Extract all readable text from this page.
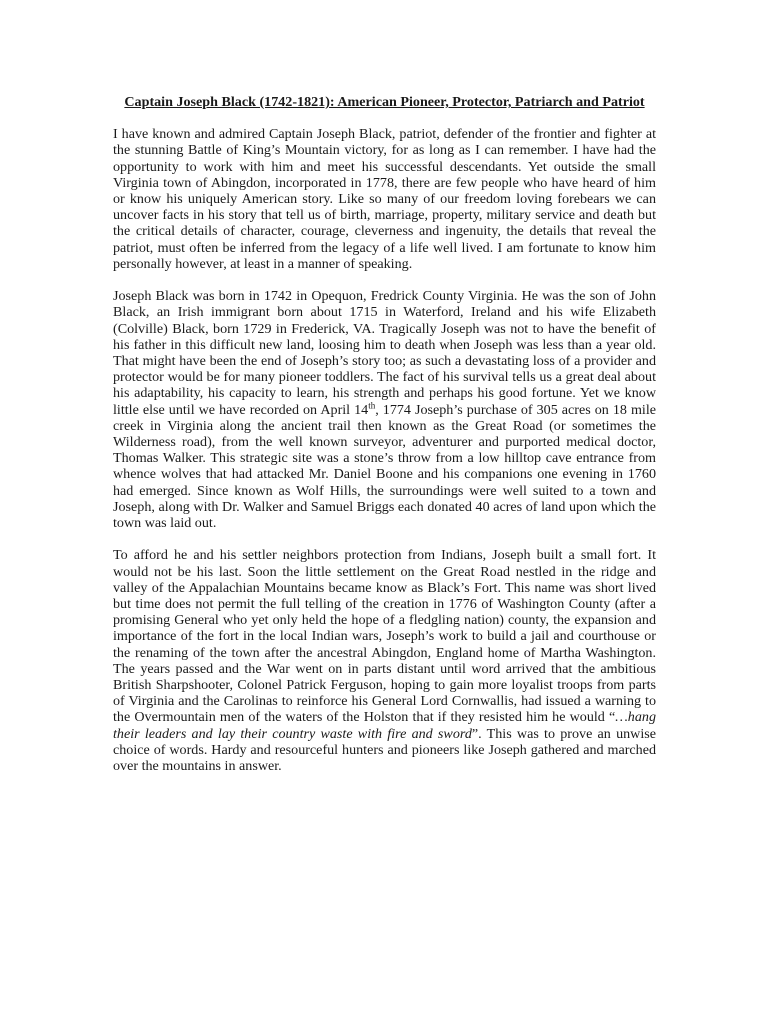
Captain Joseph Black (1742-1821): American Pioneer, Protector, Patriarch and Patriot

I have known and admired Captain Joseph Black, patriot, defender of the frontier and fighter at the stunning Battle of King’s Mountain victory, for as long as I can remember. I have had the opportunity to work with him and meet his successful descendants. Yet outside the small Virginia town of Abingdon, incorporated in 1778, there are few people who have heard of him or know his uniquely American story. Like so many of our freedom loving forebears we can uncover facts in his story that tell us of birth, marriage, property, military service and death but the critical details of character, courage, cleverness and ingenuity, the details that reveal the patriot, must often be inferred from the legacy of a life well lived. I am fortunate to know him personally however, at least in a manner of speaking.

Joseph Black was born in 1742 in Opequon, Fredrick County Virginia. He was the son of John Black, an Irish immigrant born about 1715 in Waterford, Ireland and his wife Elizabeth (Colville) Black, born 1729 in Frederick, VA. Tragically Joseph was not to have the benefit of his father in this difficult new land, loosing him to death when Joseph was less than a year old. That might have been the end of Joseph’s story too; as such a devastating loss of a provider and protector would be for many pioneer toddlers. The fact of his survival tells us a great deal about his adaptability, his capacity to learn, his strength and perhaps his good fortune. Yet we know little else until we have recorded on April 14th, 1774 Joseph’s purchase of 305 acres on 18 mile creek in Virginia along the ancient trail then known as the Great Road (or sometimes the Wilderness road), from the well known surveyor, adventurer and purported medical doctor, Thomas Walker. This strategic site was a stone’s throw from a low hilltop cave entrance from whence wolves that had attacked Mr. Daniel Boone and his companions one evening in 1760 had emerged. Since known as Wolf Hills, the surroundings were well suited to a town and Joseph, along with Dr. Walker and Samuel Briggs each donated 40 acres of land upon which the town was laid out.

To afford he and his settler neighbors protection from Indians, Joseph built a small fort. It would not be his last. Soon the little settlement on the Great Road nestled in the ridge and valley of the Appalachian Mountains became know as Black’s Fort. This name was short lived but time does not permit the full telling of the creation in 1776 of Washington County (after a promising General who yet only held the hope of a fledgling nation) county, the expansion and importance of the fort in the local Indian wars, Joseph’s work to build a jail and courthouse or the renaming of the town after the ancestral Abingdon, England home of Martha Washington. The years passed and the War went on in parts distant until word arrived that the ambitious British Sharpshooter, Colonel Patrick Ferguson, hoping to gain more loyalist troops from parts of Virginia and the Carolinas to reinforce his General Lord Cornwallis, had issued a warning to the Overmountain men of the waters of the Holston that if they resisted him he would “…hang their leaders and lay their country waste with fire and sword”. This was to prove an unwise choice of words. Hardy and resourceful hunters and pioneers like Joseph gathered and marched over the mountains in answer.
